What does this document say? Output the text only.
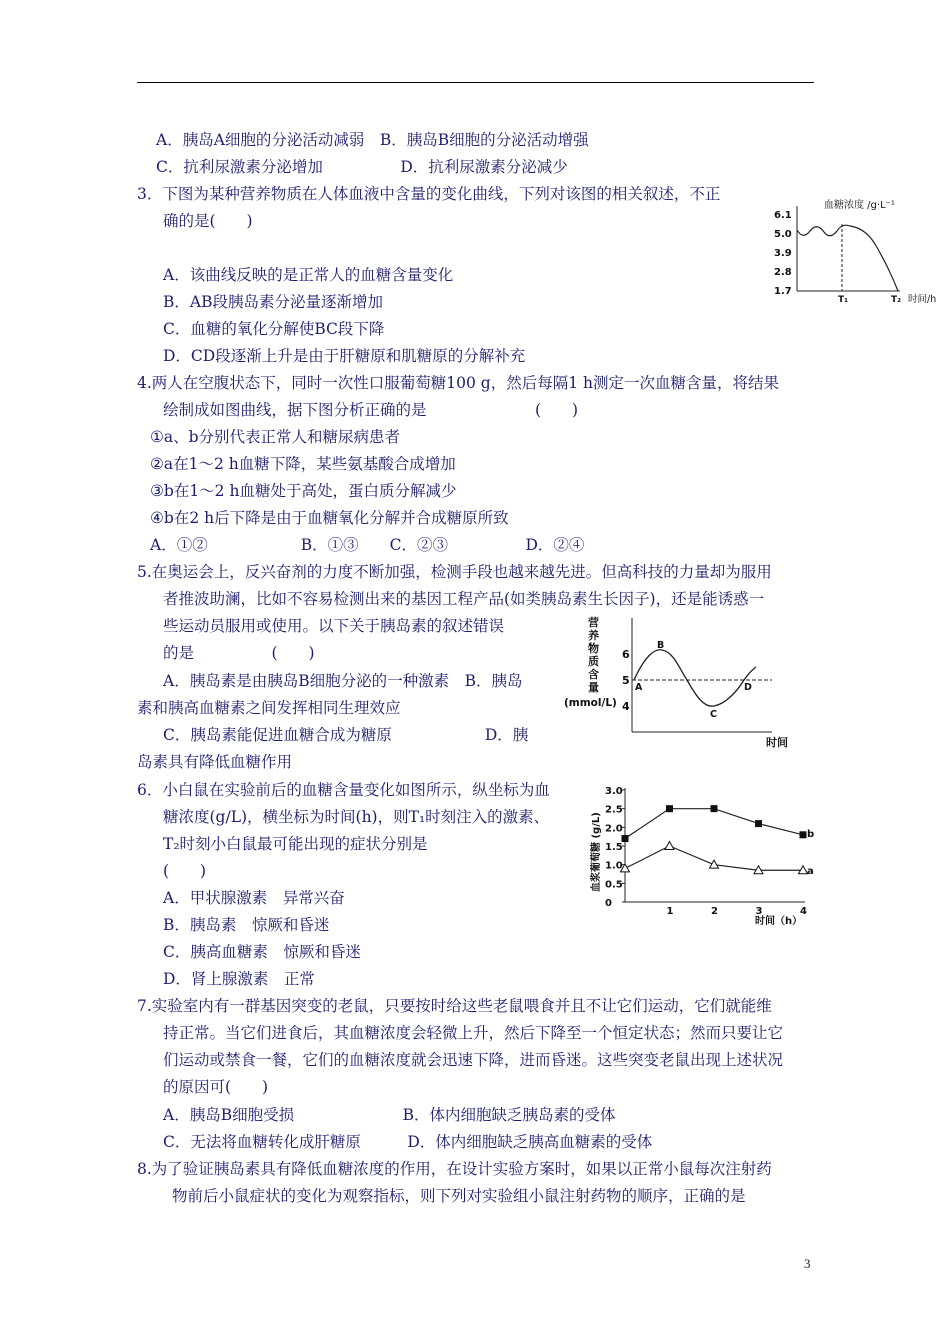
A．胰岛A细胞的分泌活动减弱　B．胰岛B细胞的分泌活动增强
C．抗利尿激素分泌增加　　　　　D．抗利尿激素分泌减少
3．下图为某种营养物质在人体血液中含量的变化曲线，下列对该图的相关叙述，不正
确的是(　　)
A．该曲线反映的是正常人的血糖含量变化
B．AB段胰岛素分泌量逐渐增加
C．血糖的氧化分解使BC段下降
D．CD段逐渐上升是由于肝糖原和肌糖原的分解补充
4.两人在空腹状态下，同时一次性口服葡萄糖100 g，然后每隔1 h测定一次血糖含量，将结果
绘制成如图曲线，据下图分析正确的是　　　　　　　(　　)
①a、b分别代表正常人和糖尿病患者
②a在1～2 h血糖下降，某些氨基酸合成增加
③b在1～2 h血糖处于高处，蛋白质分解减少
④b在2 h后下降是由于血糖氧化分解并合成糖原所致
A．①②　　　　　　B．①③　　C．②③　　　　　D．②④
5.在奥运会上，反兴奋剂的力度不断加强，检测手段也越来越先进。但高科技的力量却为服用
者推波助澜，比如不容易检测出来的基因工程产品(如类胰岛素生长因子)，还是能诱惑一
些运动员服用或使用。以下关于胰岛素的叙述错误
的是　　　　　(　　)
A．胰岛素是由胰岛B细胞分泌的一种激素　B．胰岛
素和胰高血糖素之间发挥相同生理效应
C．胰岛素能促进血糖合成为糖原　　　　　　D．胰
岛素具有降低血糖作用
6．小白鼠在实验前后的血糖含量变化如图所示，纵坐标为血
糖浓度(g/L)，横坐标为时间(h)，则T₁时刻注入的激素、
T₂时刻小白鼠最可能出现的症状分别是
(　　)
A．甲状腺激素　异常兴奋
B．胰岛素　惊厥和昏迷
C．胰高血糖素　惊厥和昏迷
D．肾上腺激素　正常
7.实验室内有一群基因突变的老鼠，只要按时给这些老鼠喂食并且不让它们运动，它们就能维
持正常。当它们进食后，其血糖浓度会轻微上升，然后下降至一个恒定状态；然而只要让它
们运动或禁食一餐，它们的血糖浓度就会迅速下降，进而昏迷。这些突变老鼠出现上述状况
的原因可(　　)
A．胰岛B细胞受损　　　　　　　B．体内细胞缺乏胰岛素的受体
C．无法将血糖转化成肝糖原　　　D．体内细胞缺乏胰高血糖素的受体
8.为了验证胰岛素具有降低血糖浓度的作用，在设计实验方案时，如果以正常小鼠每次注射药
物前后小鼠症状的变化为观察指标，则下列对实验组小鼠注射药物的顺序，正确的是
血糖浓度 /g·L⁻¹
6.1
5.0
3.9
2.8
1.7
T₁	T₂ 时间/h
营
养
物
质
含
量
(mmol/L)
6
5
4
A
B
C
D
时间
血浆葡萄糖 (g/L)
0
0.5
1.0
1.5
2.0
2.5
3.0
1	2	3	4
时间（h）
b
a
3
